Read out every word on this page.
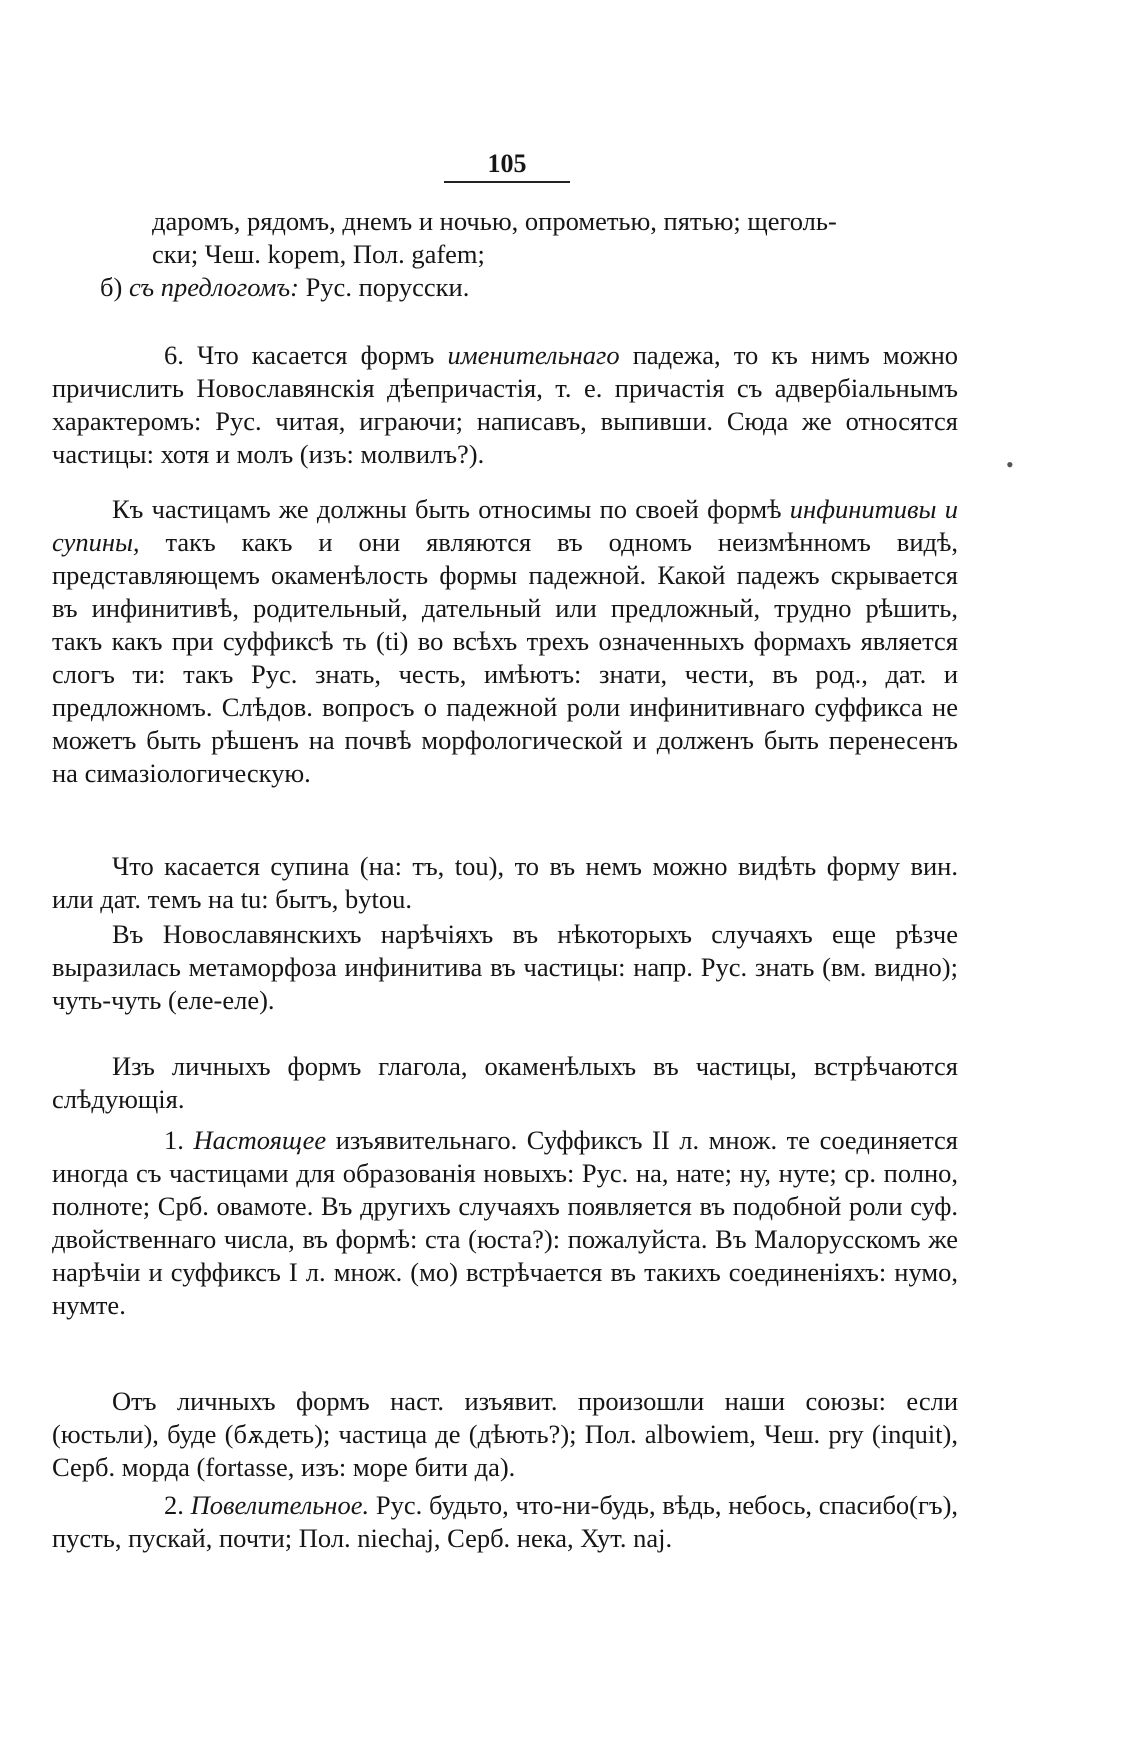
105

даромъ, рядомъ, днемъ и ночью, опрометью, пятью; щеголь-

ски; Чеш. kopem, Пол. gafem;

б) съ предлогомъ: Рус. порусски.

6. Что касается формъ именительнаго падежа, то къ нимъ можно причислить Новославянскія дѣепричастія, т. е. причастія съ адвербіальнымъ характеромъ: Рус. читая, играючи; написавъ, выпивши. Сюда же относятся частицы: хотя и молъ (изъ: молвилъ?).

Къ частицамъ же должны быть относимы по своей формѣ инфинитивы и супины, такъ какъ и они являются въ одномъ неизмѣнномъ видѣ, представляющемъ окаменѣлость формы падежной. Какой падежъ скрывается въ инфинитивѣ, родительный, дательный или предложный, трудно рѣшить, такъ какъ при суффиксѣ ть (ti) во всѣхъ трехъ означенныхъ формахъ является слогъ ти: такъ Рус. знать, честь, имѣютъ: знати, чести, въ род., дат. и предложномъ. Слѣдов. вопросъ о падежной роли инфинитивнаго суффикса не можетъ быть рѣшенъ на почвѣ морфологической и долженъ быть перенесенъ на симазіологическую.

Что касается супина (на: тъ, tou), то въ немъ можно видѣть форму вин. или дат. темъ на tu: бытъ, bytou.

Въ Новославянскихъ нарѣчіяхъ въ нѣкоторыхъ случаяхъ еще рѣзче выразилась метаморфоза инфинитива въ частицы: напр. Рус. знать (вм. видно); чуть-чуть (еле-еле).

Изъ личныхъ формъ глагола, окаменѣлыхъ въ частицы, встрѣчаются слѣдующія.

1. Настоящее изъявительнаго. Суффиксъ II л. множ. те соединяется иногда съ частицами для образованія новыхъ: Рус. на, нате; ну, нуте; ср. полно, полноте; Срб. овамоте. Въ другихъ случаяхъ появляется въ подобной роли суф. двойственнаго числа, въ формѣ: ста (юста?): пожалуйста. Въ Малорусскомъ же нарѣчіи и суффиксъ I л. множ. (мо) встрѣчается въ такихъ соединеніяхъ: нумо, нумте.

Отъ личныхъ формъ наст. изъявит. произошли наши союзы: если (юстьли), буде (бѫдеть); частица де (дѣють?); Пол. albowiem, Чеш. pry (inquit), Серб. морда (fortasse, изъ: море бити да).

2. Повелительное. Рус. будьто, что-ни-будь, вѣдь, небось, спасибо(гъ), пусть, пускай, почти; Пол. niechaj, Серб. нека, Хут. naj.

•
